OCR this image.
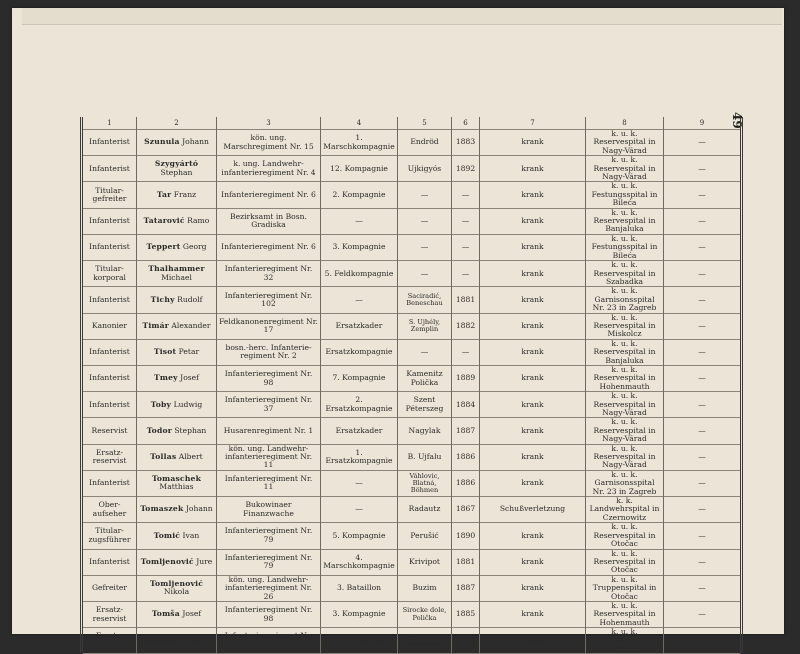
49
1	2	3	4	5	6	7	8	9
Infanterist	Szunula Johann	kön. ung. Marschregiment Nr. 15	1. Marschkompagnie	Endröd	1883	krank	k. u. k. Reservespital in Nagy-Várad	—
Infanterist	Szygyártó Stephan	k. ung. Landwehr-infanterieregiment Nr. 4	12. Kompagnie	Ujkigyós	1892	krank	k. u. k. Reservespital in Nagy-Várad	—
Titular-gefreiter	Tar Franz	Infanterieregiment Nr. 6	2. Kompagnie	—	—	krank	k. u. k. Festungsspital in Bileća	—
Infanterist	Tatarović Ramo	Bezirksamt in Bosn. Gradiska	—	—	—	krank	k. u. k. Reservespital in Banjaluka	—
Infanterist	Teppert Georg	Infanterieregiment Nr. 6	3. Kompagnie	—	—	krank	k. u. k. Festungsspital in Bileća	—
Titular-korporal	Thalhammer Michael	Infanterieregiment Nr. 32	5. Feldkompagnie	—	—	krank	k. u. k. Reservespital in Szabadka	—
Infanterist	Tichy Rudolf	Infanterieregiment Nr. 102	—	Saciradić, Beneschau	1881	krank	k. u. k. Garnisonsspital Nr. 23 in Zagreb	—
Kanonier	Timár Alexander	Feldkanonenregiment Nr. 17	Ersatzkader	S. Ujhély, Zemplin	1882	krank	k. u. k. Reservespital in Miskolcz	—
Infanterist	Tisot Petar	bosn.-herc. Infanterie-regiment Nr. 2	Ersatzkompagnie	—	—	krank	k. u. k. Reservespital in Banjaluka	—
Infanterist	Tmey Josef	Infanterieregiment Nr. 98	7. Kompagnie	Kamenitz Polička	1889	krank	k. u. k. Reservespital in Hohenmauth	—
Infanterist	Toby Ludwig	Infanterieregiment Nr. 37	2. Ersatzkompagnie	Szent Péterszeg	1884	krank	k. u. k. Reservespital in Nagy-Várad	—
Reservist	Todor Stephan	Husarenregiment Nr. 1	Ersatzkader	Nagylak	1887	krank	k. u. k. Reservespital in Nagy-Várad	—
Ersatz-reservist	Tollas Albert	kön. ung. Landwehr-infanterieregiment Nr. 11	1. Ersatzkompagnie	B. Ujfalu	1886	krank	k. u. k. Reservespital in Nagy-Várad	—
Infanterist	Tomaschek Matthias	Infanterieregiment Nr. 11	—	Váhlovic, Blatná, Böhmen	1886	krank	k. u. k. Garnisonsspital Nr. 23 in Zagreb	—
Ober-aufseher	Tomaszek Johann	Bukowinaer Finanzwache	—	Radautz	1867	Schußverletzung	k. k. Landwehrspital in Czernowitz	—
Titular-zugsführer	Tomić Ivan	Infanterieregiment Nr. 79	5. Kompagnie	Perušić	1890	krank	k. u. k. Reservespital in Otočac	—
Infanterist	Tomljenović Jure	Infanterieregiment Nr. 79	4. Marschkompagnie	Krivipot	1881	krank	k. u. k. Reservespital in Otočac	—
Gefreiter	Tomljenović Nikola	kön. ung. Landwehr-infanterieregiment Nr. 26	3. Bataillon	Buzim	1887	krank	k. u. k. Truppenspital in Otočac	—
Ersatz-reservist	Tomša Josef	Infanterieregiment Nr. 98	3. Kompagnie	Sirocke dole, Polička	1885	krank	k. u. k. Reservespital in Hohenmauth	—
Ersatz-reservist	Tomsche Johann	Infanterieregiment Nr. 98	6. Kompagnie	Olbersdorf, Landskron	1881	krank	k. u. k. Reservespital in Hohenmauth	—
